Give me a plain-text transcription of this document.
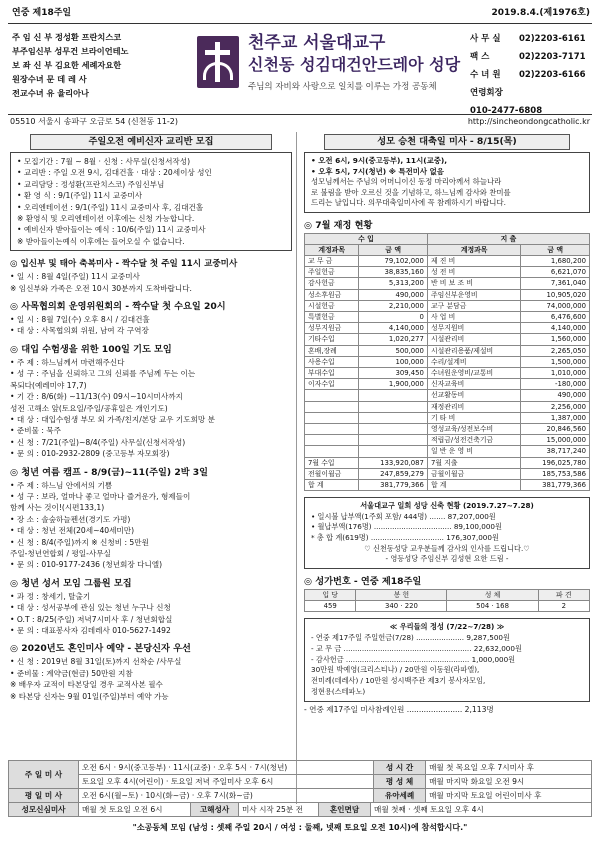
연중 제18주일	2019.8.4.(제1976호)
주 임 신 부 정성환 프란치스코
부주임신부 성무건 브라이언테노
보 좌 신 부 김요한 세례자요한
원장수녀 문 데 레 사
전교수녀 유 율리아나
천주교 서울대교구
신천동 성김대건안드레아 성당
주님의 자비와 사랑으로 일치를 이루는 가정 공동체
사 무 실 02)2203-6161
팩 스	02)2203-7171
수 녀 원 02)2203-6166
연령회장 010-2477-6808
05510 서울시 송파구 오금로 54 (신천동 11-2)	http://sincheondongcatholic.kr
주일오전 예비신자 교리반 모집
• 모집기간 : 7월 ~ 8월 · 신청 : 사무실(신청서작성)
• 교리반 : 주일 오전 9시, 김대건홀 · 대상 : 20세이상 성인
• 교리담당 : 정성환(프란치스코) 주임신부님
• 환 영 식 : 9/1(주일) 11시 교중미사
• 오리엔테이션 : 9/1(주일) 11시 교중미사 후, 김대건홀
※ 환영식 및 오리엔테이션 이후에는 신청 가능합니다.
• 예비신자 받아들이는 예식 : 10/6(주일) 11시 교중미사
※ 받아들이는예식 이후에는 들어오실 수 없습니다.
◎ 입신부 및 태아 축복미사 - 짝수달 첫 주일 11시 교중미사
• 일 시 : 8월 4일(주일) 11시 교중미사
※ 임신부와 가족은 오전 10시 30분까지 도착바랍니다.
◎ 사목협의회 운영위원회의 - 짝수달 첫 수요일 20시
• 일 시 : 8월 7일(수) 오후 8시 / 김대건홀
• 대 상 : 사목협의회 위원, 남여 각 구역장
◎ 대입 수험생을 위한 100일 기도 모임
• 주 제 : 하느님께서 마련해주신다
• 성 구 : 주님을 신뢰하고 그의 신뢰를 주님께 두는 이는
복되다(예레미야 17,7)
• 기 간 : 8/6(화) ~11/13(수) 09시~10시미사까지
성전 고해소 앞(토요일/주일/공휴일은 개인기도)
• 대 상 : 대입수험생 부모 외 가족/친지/본당 교우 기도희망 분
• 준비물 : 묵주
• 신 청 : 7/21(주일)~8/4(주일) 사무실(신청서작성)
• 문 의 : 010-2932-2809 (중고등부 자모회장)
◎ 청년 여름 캠프 - 8/9(금)~11(주일) 2박 3일
• 주 제 : 하느님 안에서의 기쁨
• 성 구 : 보라, 얼마나 좋고 얼마나 즐거운가, 형제들이
함께 사는 것이!(시편133,1)
• 장 소 : 솔숲하늘펜션(경기도 가평)
• 대 상 : 청년 전체(20세~40세미만)
• 신 청 : 8/4(주일)까지 ※ 신청비 : 5만원
주일-청년연합회 / 평일-사무실
• 문 의 : 010-9177-2436 (청년회장 다니엘)
◎ 청년 성서 모임 그룹원 모집
• 과 정 : 창세기, 탈출기
• 대 상 : 성서공부에 관심 있는 청년 누구나 신청
• O.T : 8/25(주일) 저녁7시미사 후 / 청년회합실
• 문 의 : 대표봉사자 김데레사 010-5627-1492
◎ 2020년도 혼인미사 예약 - 본당신자 우선
• 신 청 : 2019년 8월 31일(토)까지 선착순 /사무실
• 준비물 : 계약금(현금) 50만원 지참
※ 배우자 교적이 타본당일 경우 교적사본 필수
※ 타본당 신자는 9월 01일(주일)부터 예약 가능
성모 승천 대축일 미사 - 8/15(목)
• 오전 6시, 9시(중고등부), 11시(교중),
• 오후 5시, 7시(청년) ※ 특전미사 없음
성모님께서는 주님의 어머니이신 동정 마리아께서 하늘나라
로 불림을 받아 오르신 것을 기념하고, 하느님께 감사와 찬미를
드리는 날입니다. 의무대축일미사에 꼭 참례하시기 바랍니다.
◎ 7월 재정 현황
수 입		지 출	
계정과목	금 액	계정과목	금 액
교 무 금	79,102,000	제 진 비	1,680,200
주일헌금	38,835,160	성 전 비	6,621,070
감사헌금	5,313,200	반 비 보 조 비	7,361,040
성소후원금	490,000	주임신부운영비	10,905,020
시설헌금	2,210,000	교구 분담금	74,000,000
특별헌금	0	사 업 비	6,476,600
성무지원금	4,140,000	성무지원비	4,140,000
기타수입	1,020,277	시설관리비	1,560,000
혼배,장례	500,000	시설관리용품/제설비	2,265,050
사용수입	100,000	수리/설계비	1,500,000
부대수입	309,450	수녀원운영비/교통비	1,010,000
이자수입	1,900,000	신자교육비	-180,000
		선교활동비	490,000
		재정관리비	2,256,000
		기 타 비	1,387,000
		영성교육/성전보수비	20,846,560
		적립금/성전건축기금	15,000,000
		일 반 운 영 비	38,717,240
7월 수입	133,920,087	7월 지출	196,025,780
전월이월금	247,859,279	금월이월금	185,753,586
합 계	381,779,366	합 계	381,779,366
서울대교구 일회 성당 신축 현황 (2019.7.27~7.28)
• 일시불 납부액(1주회 포함/ 444명) ....... 87,207,000원
• 월납부액(176명) .................................. 89,100,000원
* 총 합 계(619명) ................................ 176,307,000원
♡ 신천동성당 교우분들께 감사의 인사를 드립니다.♡
- 영등성당 주임신부 김성현 요한 드림 -
◎ 성가번호 - 연중 제18주일
입 당	봉 헌	성 체	파 견
459	340 · 220	504 · 168	2
≪ 우리들의 정성 (7/22~7/28) ≫
- 연중 제17주일 주일헌금(7/28) ..................... 9,287,500원
- 교 무 금 ........................................................ 22,632,000원
- 감사헌금 ...................................................... 1,000,000원
30만원 박예영(크리스티나) / 20만원 이동원(라파엘),
전미례(데레사) / 10만원 성시백주관 제3기 봉사자모임,
정현용(스테파노)
- 연중 제17주일 미사참례인원 ....................... 2,113명
주 일 미 사	오전 6시 · 9시(중고등부) · 11시(교중) · 오후 5시 · 7시(청년)	성 시 간	매월 첫 목요일 오후 7시미사 후
	토요일 오후 4시(어린이) · 토요일 저녁 주일미사 오후 6시	평 성 체	매월 마지막 화요일 오전 9시
평 일 미 사	오전 6시(월~토) · 10시(화~금) · 오후 7시(화~금)	유아세례	매월 마지막 토요일 어린이미사 후
성모신심미사	매월 첫 토요일 오전 6시	고해성사	미사 시작 25분 전	혼인면담	매월 첫째 · 셋째 토요일 오후 4시
"소공동체 모임 (남성 : 셋째 주일 20시 / 여성 : 둘째, 넷째 토요일 오전 10시)에 참석합시다."
